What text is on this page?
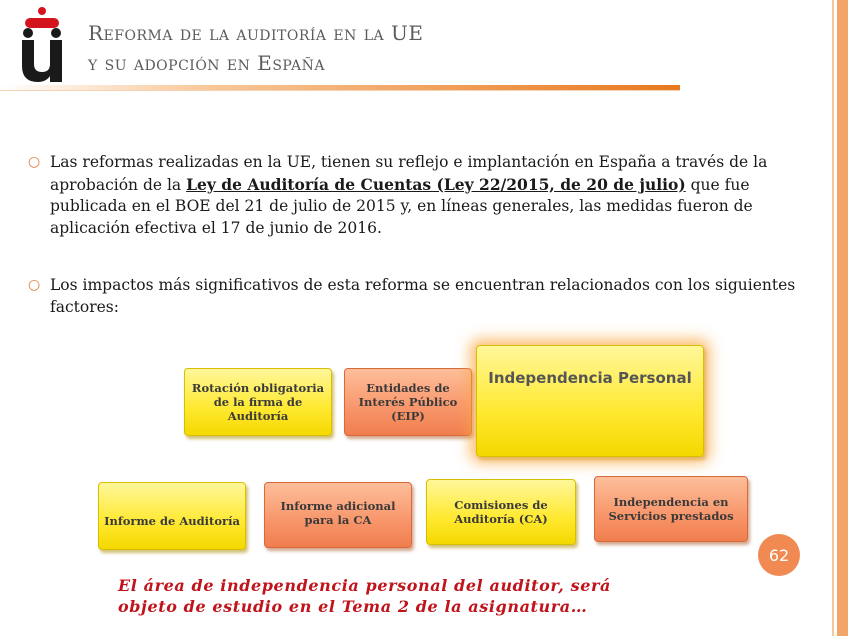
Reforma de la auditoría en la UE
y su adopción en España
○ Las reformas realizadas en la UE, tienen su reflejo e implantación en España a través de la aprobación de la Ley de Auditoría de Cuentas (Ley 22/2015, de 20 de julio) que fue publicada en el BOE del 21 de julio de 2015 y, en líneas generales, las medidas fueron de aplicación efectiva el 17 de junio de 2016.
○ Los impactos más significativos de esta reforma se encuentran relacionados con los siguientes factores:
Rotación obligatoria de la firma de Auditoría
Entidades de Interés Público (EIP)
Independencia Personal
Informe de Auditoría
Informe adicional para la CA
Comisiones de Auditoría (CA)
Independencia en Servicios prestados
62
El área de independencia personal del auditor, será
objeto de estudio en el Tema 2 de la asignatura…
